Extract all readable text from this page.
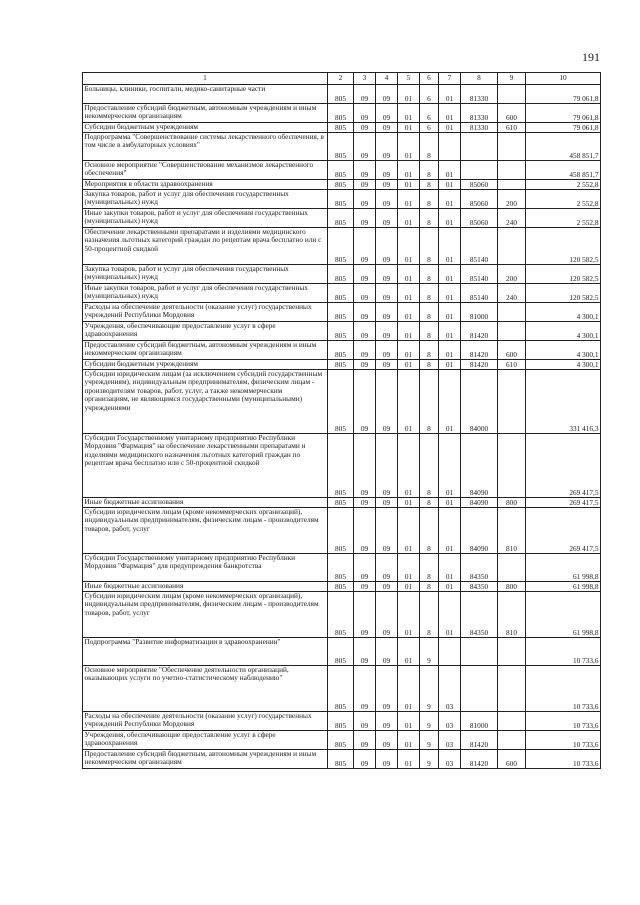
191
1	2	3	4	5	6	7	8	9	10
Больницы, клиники, госпитали, медико-санитарные части	805	09	09	01	6	01	81330		79 061,8
Предоставление субсидий бюджетным, автономным учреждениям и иным некоммерческим организациям	805	09	09	01	6	01	81330	600	79 061,8
Субсидии бюджетным учреждениям	805	09	09	01	6	01	81330	610	79 061,8
Подпрограмма "Совершенствование системы лекарственного обеспечения, в том числе в амбулаторных условиях"	805	09	09	01	8				458 851,7
Основное мероприятие "Совершенствование механизмов лекарственного обеспечения"	805	09	09	01	8	01			458 851,7
Мероприятия в области здравоохранения	805	09	09	01	8	01	85060		2 552,8
Закупка товаров, работ и услуг для обеспечения государственных (муниципальных) нужд	805	09	09	01	8	01	85060	200	2 552,8
Иные закупки товаров, работ и услуг для обеспечения государственных (муниципальных) нужд	805	09	09	01	8	01	85060	240	2 552,8
Обеспечение лекарственными препаратами и изделиями медицинского назначения льготных категорий граждан по рецептам врача бесплатно или с 50-процентной скидкой	805	09	09	01	8	01	85140		120 582,5
Закупка товаров, работ и услуг для обеспечения государственных (муниципальных) нужд	805	09	09	01	8	01	85140	200	120 582,5
Иные закупки товаров, работ и услуг для обеспечения государственных (муниципальных) нужд	805	09	09	01	8	01	85140	240	120 582,5
Расходы на обеспечение деятельности (оказание услуг) государственных учреждений Республики Мордовия	805	09	09	01	8	01	81000		4 300,1
Учреждения, обеспечивающие предоставление услуг в сфере здравоохранения	805	09	09	01	8	01	81420		4 300,1
Предоставление субсидий бюджетным, автономным учреждениям и иным некоммерческим организациям	805	09	09	01	8	01	81420	600	4 300,1
Субсидии бюджетным учреждениям	805	09	09	01	8	01	81420	610	4 300,1
Субсидии юридическим лицам (за исключением субсидий государственным учреждениям), индивидуальным предпринимателям, физическим лицам - производителям товаров, работ, услуг, а также некоммерческим организациям, не являющимся государственными (муниципальными) учреждениями	805	09	09	01	8	01	84000		331 416,3
Субсидии Государственному унитарному предприятию Республики Мордовия "Фармация" на обеспечение лекарственными препаратами и изделиями медицинского назначения льготных категорий граждан по рецептам врача бесплатно или с 50-процентной скидкой	805	09	09	01	8	01	84090		269 417,5
Иные бюджетные ассигнования	805	09	09	01	8	01	84090	800	269 417,5
Субсидии юридическим лицам (кроме некоммерческих организаций), индивидуальным предпринимателям, физическим лицам - производителям товаров, работ, услуг	805	09	09	01	8	01	84090	810	269 417,5
Субсидии Государственному унитарному предприятию Республики Мордовия "Фармация" для предупреждения банкротства	805	09	09	01	8	01	84350		61 998,8
Иные бюджетные ассигнования	805	09	09	01	8	01	84350	800	61 998,8
Субсидии юридическим лицам (кроме некоммерческих организаций), индивидуальным предпринимателям, физическим лицам - производителям товаров, работ, услуг	805	09	09	01	8	01	84350	810	61 998,8
Подпрограмма "Развитие информатизации в здравоохранении"	805	09	09	01	9				10 733,6
Основное мероприятие "Обеспечение деятельности организаций, оказывающих услуги по учетно-статистическому наблюдению"	805	09	09	01	9	03			10 733,6
Расходы на обеспечение деятельности (оказание услуг) государственных учреждений Республики Мордовия	805	09	09	01	9	03	81000		10 733,6
Учреждения, обеспечивающие предоставление услуг в сфере здравоохранения	805	09	09	01	9	03	81420		10 733,6
Предоставление субсидий бюджетным, автономным учреждениям и иным некоммерческим организациям	805	09	09	01	9	03	81420	600	10 733,6
